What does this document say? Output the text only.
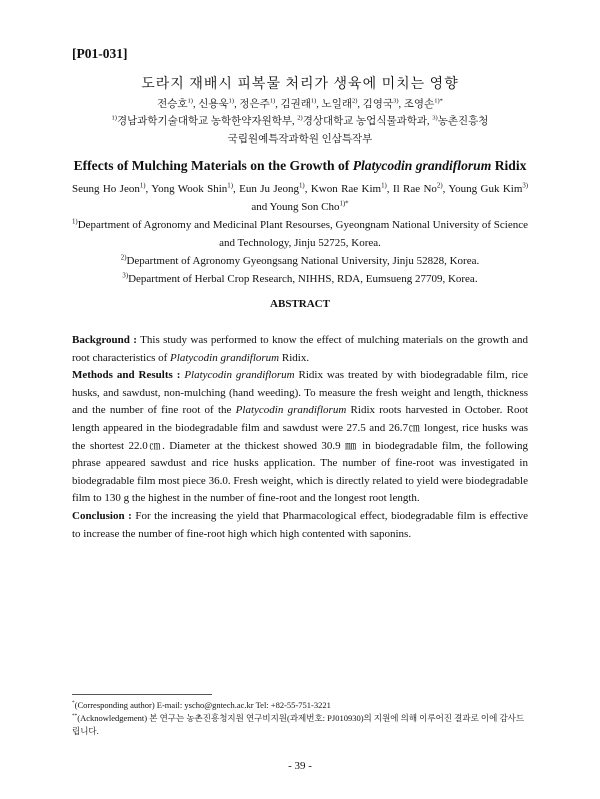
[P01-031]
도라지 재배시 피복물 처리가 생육에 미치는 영향
전승호$^{1)}$, 신용욱$^{1)}$, 정은주$^{1)}$, 김권래$^{1)}$, 노일래$^{2)}$, 김영국$^{3)}$, 조영손$^{1)*}$
$^{1)}$경남과학기술대학교 농학한약자원학부, $^{2)}$경상대학교 농업식물과학과, $^{3)}$농촌진흥청
국립원예특작과학원 인삼특작부
Effects of Mulching Materials on the Growth of Platycodin grandiflorum Ridix
Seung Ho Jeon$^{1)}$, Yong Wook Shin$^{1)}$, Eun Ju Jeong$^{1)}$, Kwon Rae Kim$^{1)}$, Il Rae No$^{2)}$, Young Guk Kim$^{3)}$ and Young Son Cho$^{1)*}$
$^{1)}$Department of Agronomy and Medicinal Plant Resourses, Gyeongnam National University of Science and Technology, Jinju 52725, Korea.
$^{2)}$Department of Agronomy Gyeongsang National University, Jinju 52828, Korea.
$^{3)}$Department of Herbal Crop Research, NIHHS, RDA, Eumsueng 27709, Korea.
ABSTRACT

Background : This study was performed to know the effect of mulching materials on the growth and root characteristics of Platycodin grandiflorum Ridix.

Methods and Results : Platycodin grandiflorum Ridix was treated by with biodegradable film, rice husks, and sawdust, non-mulching (hand weeding). To measure the fresh weight and length, thickness and the number of fine root of the Platycodin grandiflorum Ridix roots harvested in October. Root length appeared in the biodegradable film and sawdust were 27.5 and 26.7㎝ longest, rice husks was the shortest 22.0㎝. Diameter at the thickest showed 30.9 ㎜ in biodegradable film, the following phrase appeared sawdust and rice husks application. The number of fine-root was investigated in biodegradable film most piece 36.0. Fresh weight, which is directly related to yield were biodegradable film to 130 g the highest in the number of fine-root and the longest root length.

Conclusion : For the increasing the yield that Pharmacological effect, biodegradable film is effective to increase the number of fine-root high which high contented with saponins.

*(Corresponding author) E-mail: yscho@gntech.ac.kr Tel: +82-55-751-3221
**(Acknowledgement) 본 연구는 농촌진흥청지원 연구비지원(과제번호: PJ010930)의 지원에 의해 이루어진 결과로 이에 감사드립니다.
- 39 -
